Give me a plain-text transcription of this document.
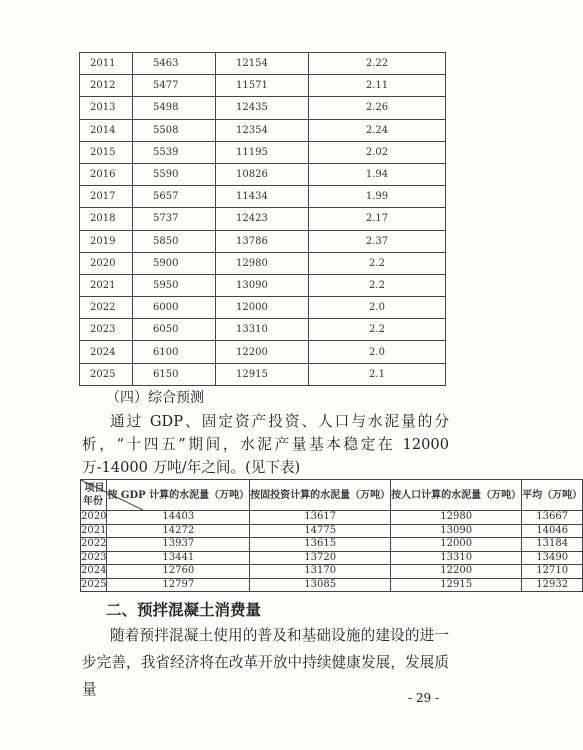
2011	5463	12154	2.22
2012	5477	11571	2.11
2013	5498	12435	2.26
2014	5508	12354	2.24
2015	5539	11195	2.02
2016	5590	10826	1.94
2017	5657	11434	1.99
2018	5737	12423	2.17
2019	5850	13786	2.37
2020	5900	12980	2.2
2021	5950	13090	2.2
2022	6000	12000	2.0
2023	6050	13310	2.2
2024	6100	12200	2.0
2025	6150	12915	2.1
（四）综合预测

通过 GDP、固定资产投资、人口与水泥量的分析，“十四五”期间，水泥产量基本稳定在 12000 万-14000 万吨/年之间。(见下表)

项目
年份	按 GDP 计算的水泥量（万吨）	按固投资计算的水泥量（万吨）	按人口计算的水泥量（万吨）	平均（万吨）
2020	14403	13617	12980	13667
2021	14272	14775	13090	14046
2022	13937	13615	12000	13184
2023	13441	13720	13310	13490
2024	12760	13170	12200	12710
2025	12797	13085	12915	12932
二、预拌混凝土消费量

随着预拌混凝土使用的普及和基础设施的建设的进一步完善，我省经济将在改革开放中持续健康发展，发展质量	- 29 -
